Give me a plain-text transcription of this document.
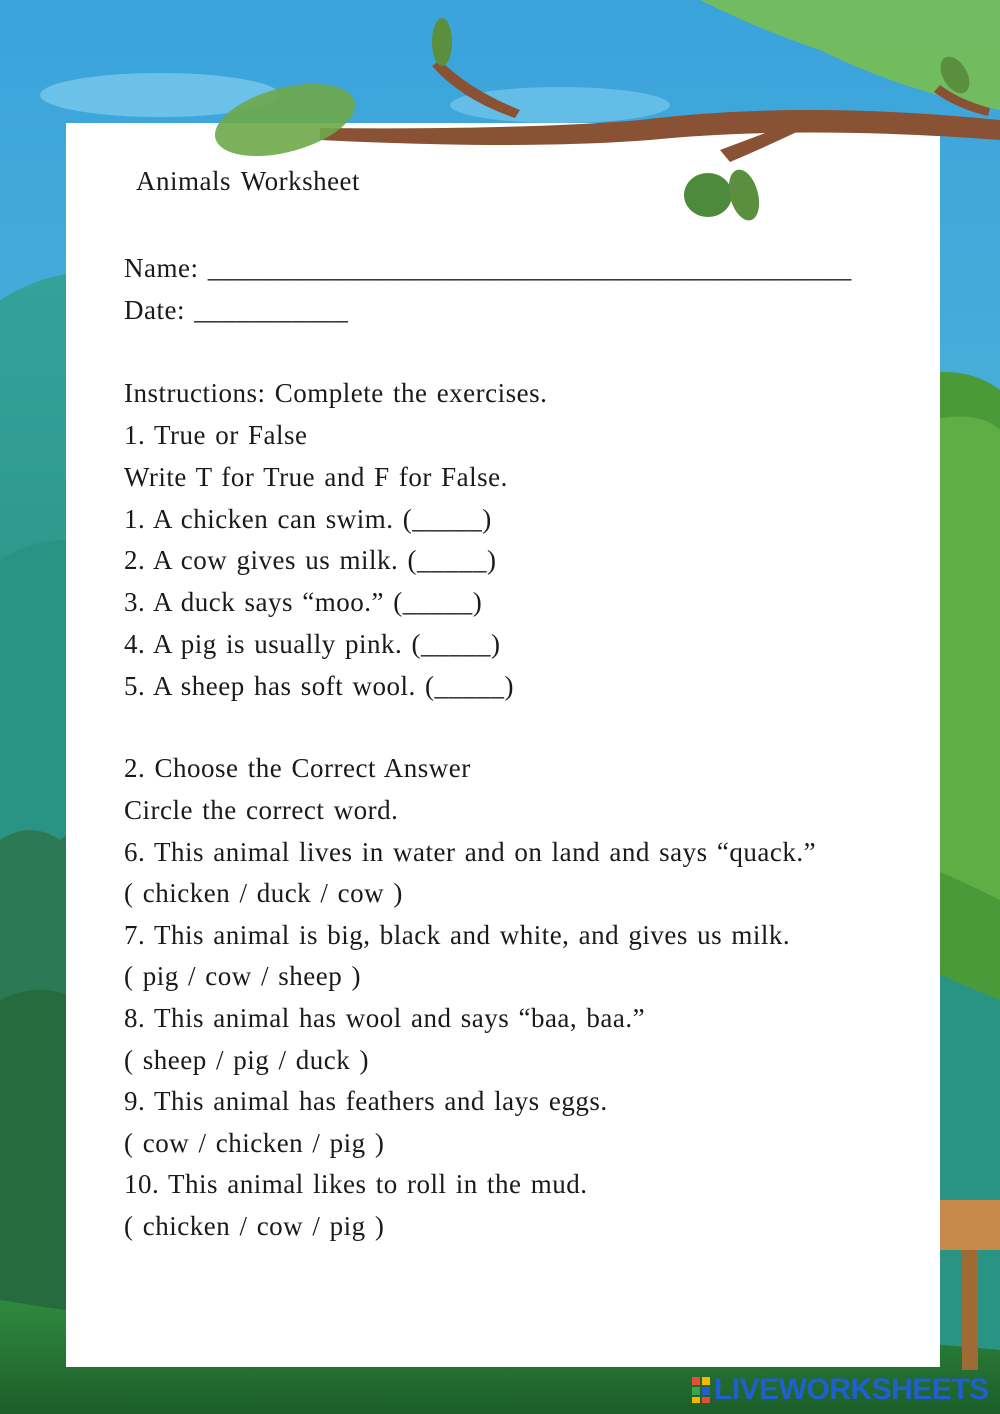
Animals Worksheet
Name: ______________________________________________
Date: ___________
Instructions: Complete the exercises.
1. True or False
Write T for True and F for False.
1. A chicken can swim. (_____)
2. A cow gives us milk. (_____)
3. A duck says “moo.” (_____)
4. A pig is usually pink. (_____)
5. A sheep has soft wool. (_____)
2. Choose the Correct Answer
Circle the correct word.
6. This animal lives in water and on land and says “quack.”
( chicken / duck / cow )
7. This animal is big, black and white, and gives us milk.
( pig / cow / sheep )
8. This animal has wool and says “baa, baa.”
( sheep / pig / duck )
9. This animal has feathers and lays eggs.
( cow / chicken / pig )
10. This animal likes to roll in the mud.
( chicken / cow / pig )
LIVEWORKSHEETS
